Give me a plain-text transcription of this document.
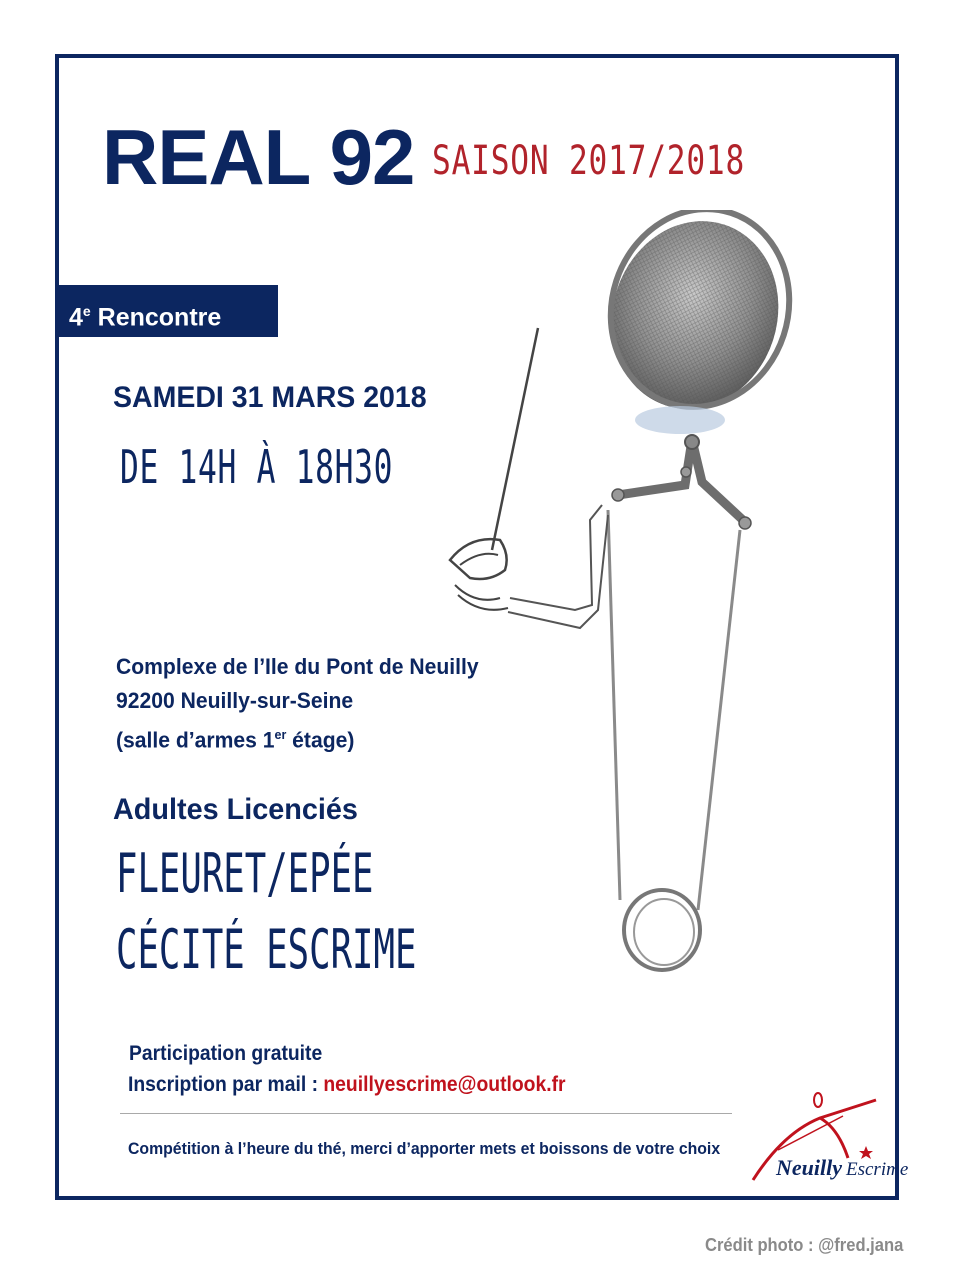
REAL 92 SAISON 2017/2018
4e Rencontre
SAMEDI 31 MARS 2018
DE 14H À 18H30
Complexe de l’Ile du Pont de Neuilly
92200 Neuilly-sur-Seine
(salle d’armes 1er étage)
Adultes Licenciés
FLEURET/EPÉE
CÉCITÉ ESCRIME
Participation gratuite
Inscription par mail : neuillyescrime@outlook.fr
Compétition à l’heure du thé, merci d’apporter mets et boissons de votre choix
Neuilly Escrime
Crédit photo : @fred.jana
